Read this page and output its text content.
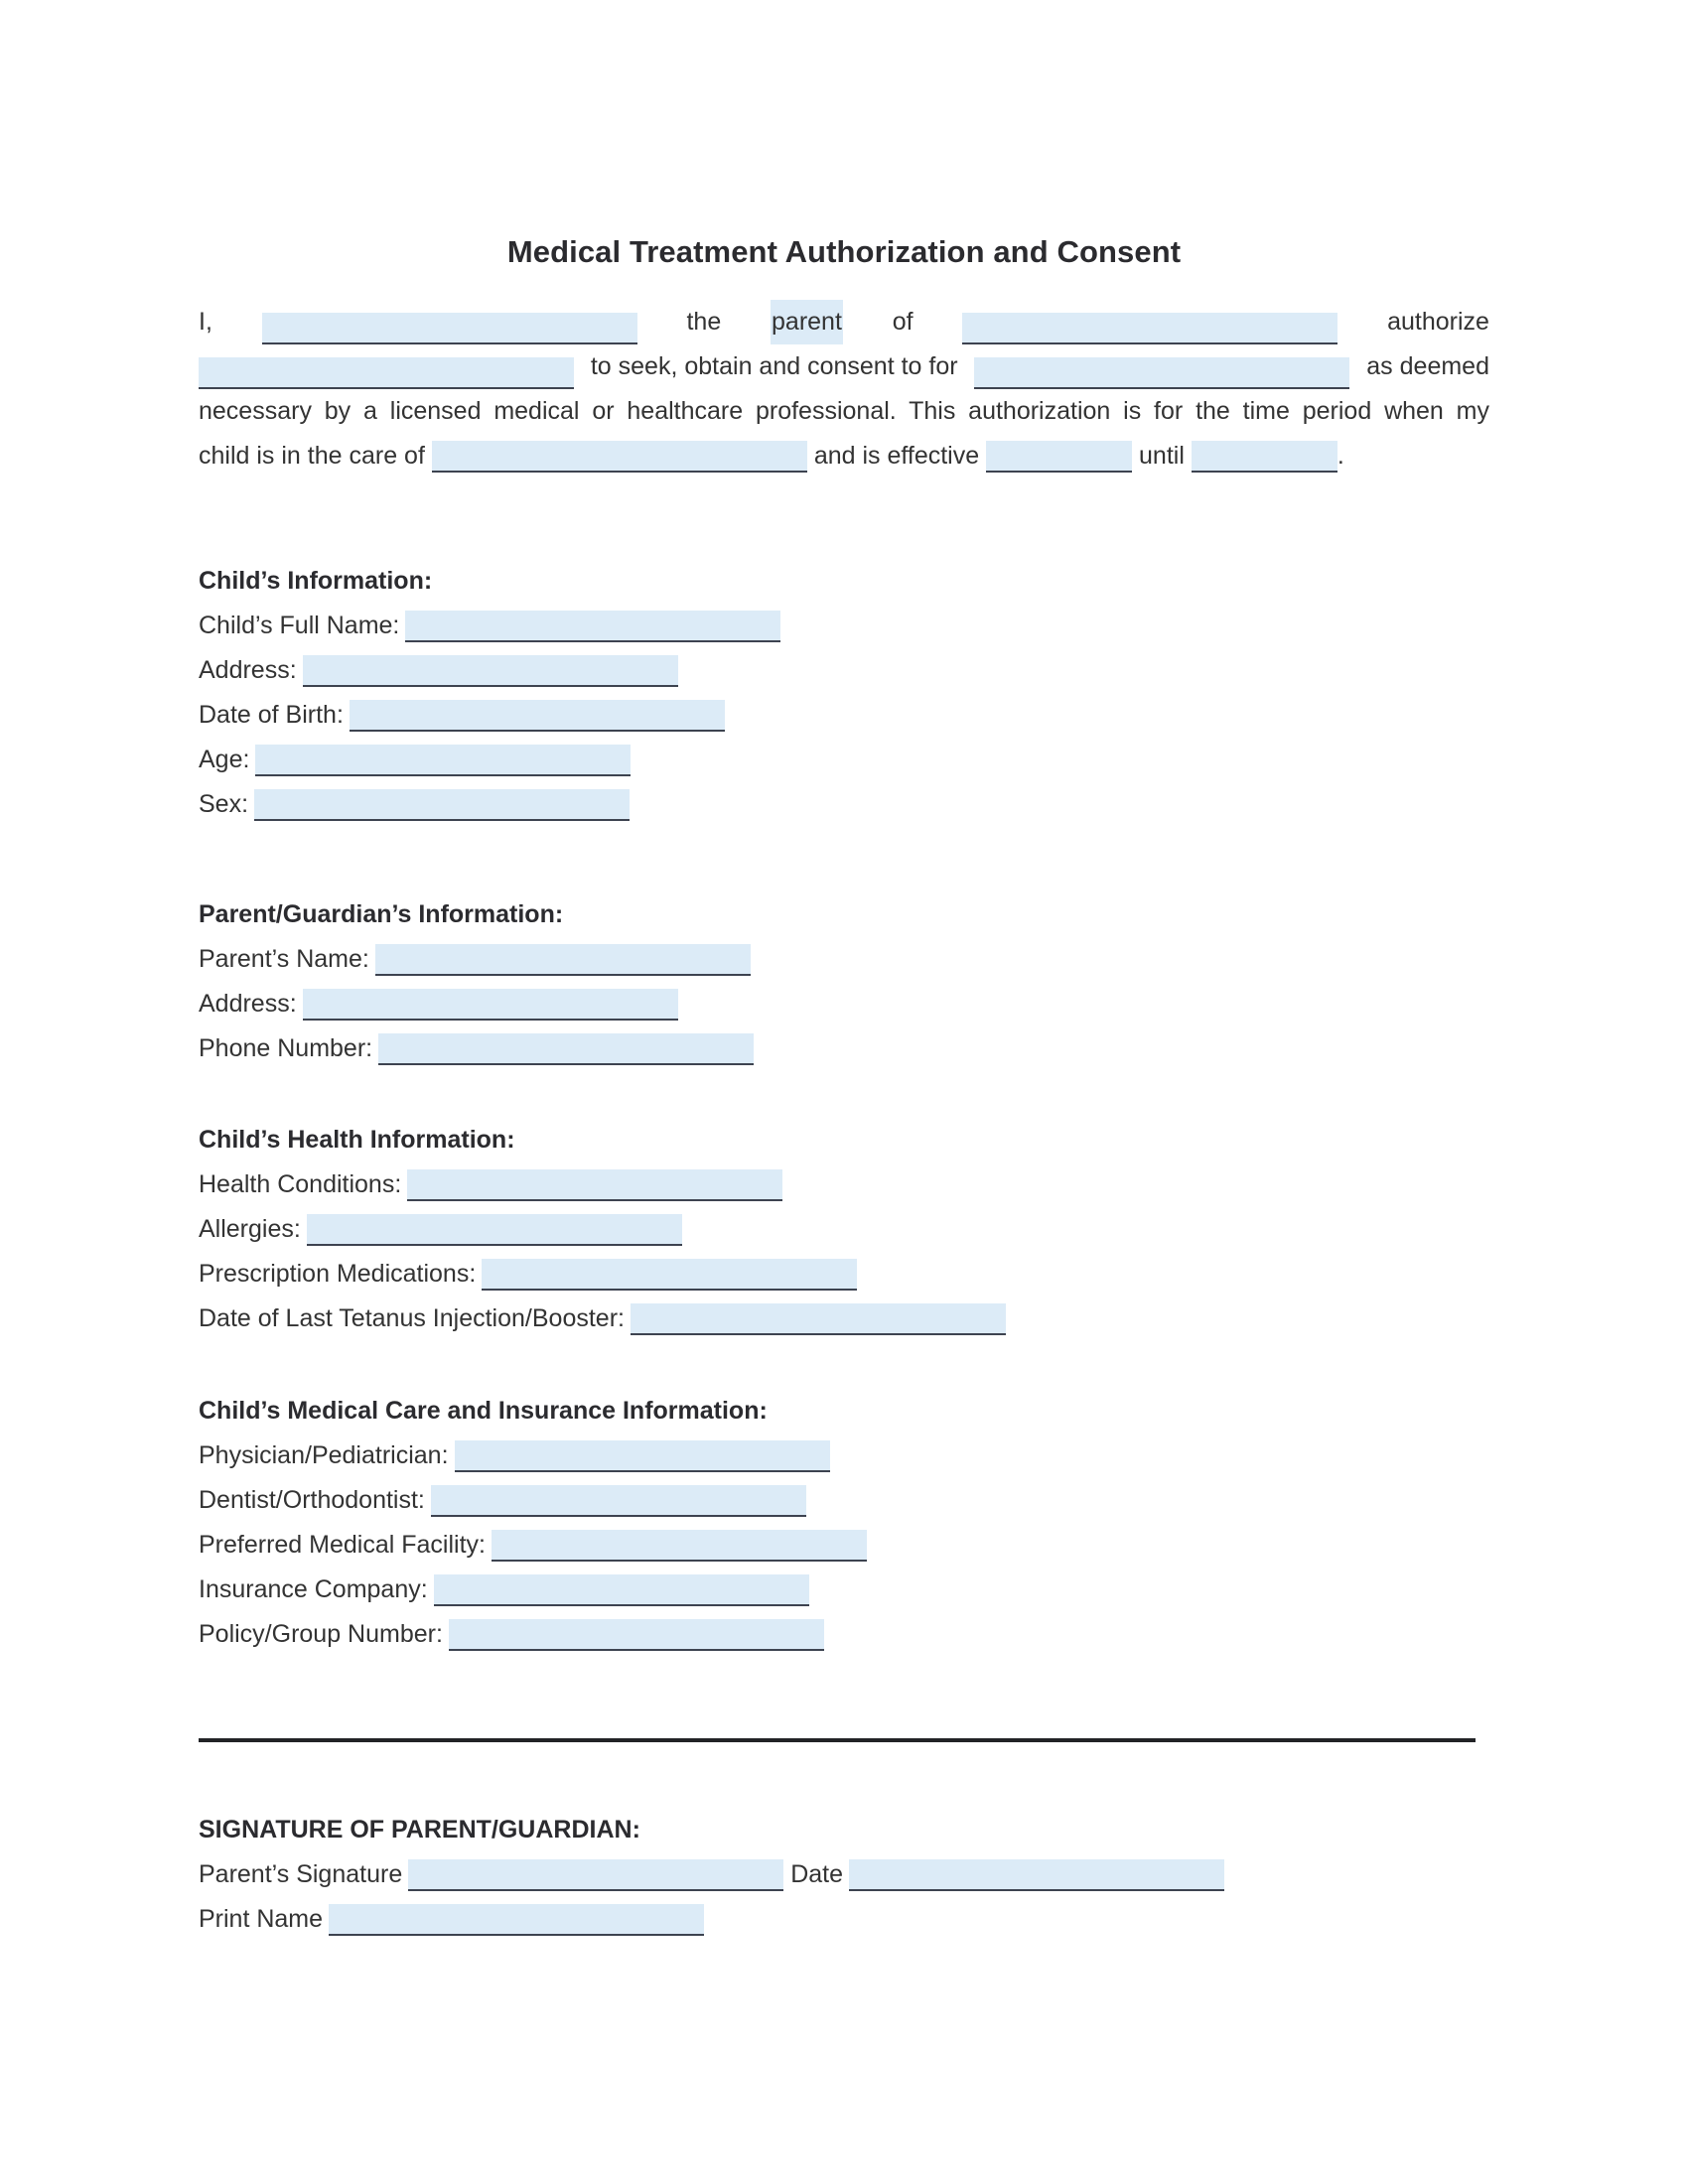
Medical Treatment Authorization and Consent
I,	the parent of	authorize
to seek, obtain and consent to for	as deemed
necessary by a licensed medical or healthcare professional. This authorization is for the time period when my
child is in the care of	and is effective	until	.
Child’s Information:
Child’s Full Name:
Address:
Date of Birth:
Age:
Sex:
Parent/Guardian’s Information:
Parent’s Name:
Address:
Phone Number:
Child’s Health Information:
Health Conditions:
Allergies:
Prescription Medications:
Date of Last Tetanus Injection/Booster:
Child’s Medical Care and Insurance Information:
Physician/Pediatrician:
Dentist/Orthodontist:
Preferred Medical Facility:
Insurance Company:
Policy/Group Number:
SIGNATURE OF PARENT/GUARDIAN:
Parent’s Signature	Date
Print Name
